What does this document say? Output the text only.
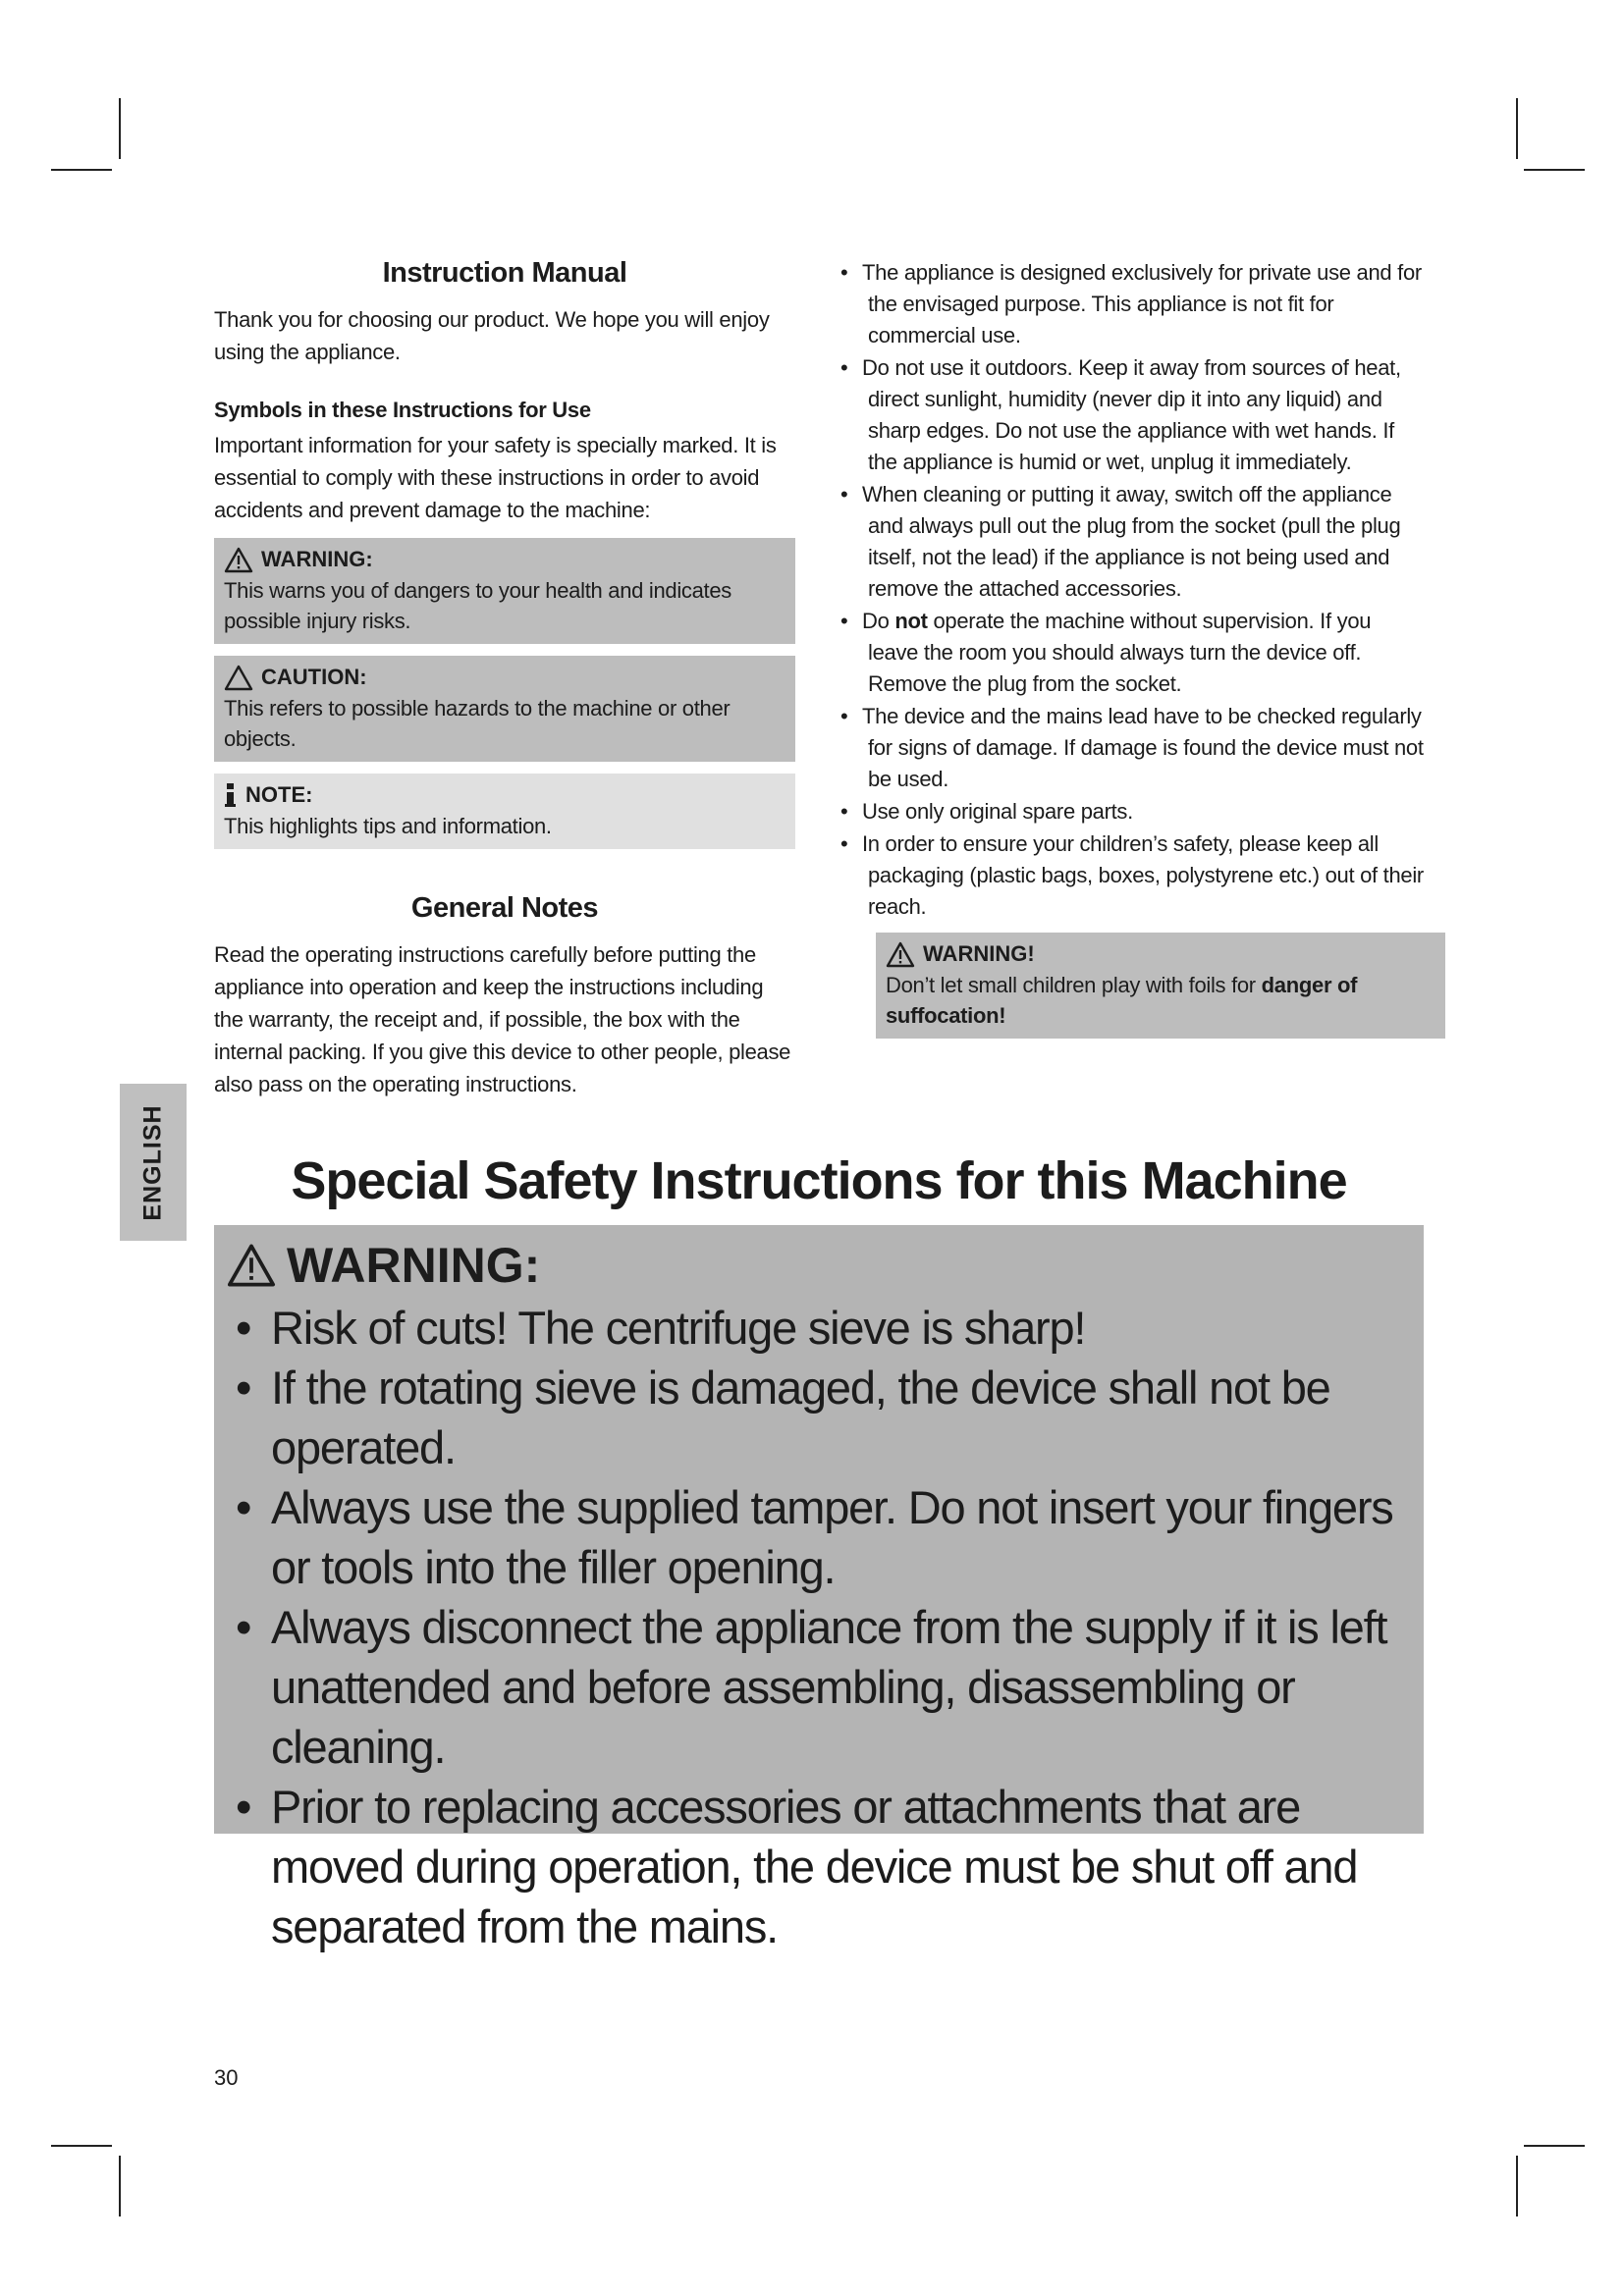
Instruction Manual

Thank you for choosing our product. We hope you will enjoy using the appliance.

Symbols in these Instructions for Use

Important information for your safety is specially marked. It is essential to comply with these instructions in order to avoid accidents and prevent damage to the machine:

WARNING:
This warns you of dangers to your health and indicates possible injury risks.
CAUTION:
This refers to possible hazards to the machine or other objects.
NOTE:
This highlights tips and information.
General Notes

Read the operating instructions carefully before putting the appliance into operation and keep the instructions including the warranty, the receipt and, if possible, the box with the internal packing. If you give this device to other people, please also pass on the operating instructions.

• The appliance is designed exclusively for private use and for the envisaged purpose. This appliance is not fit for commercial use.
• Do not use it outdoors. Keep it away from sources of heat, direct sunlight, humidity (never dip it into any liquid) and sharp edges. Do not use the appliance with wet hands. If the appliance is humid or wet, unplug it immediately.
• When cleaning or putting it away, switch off the appliance and always pull out the plug from the socket (pull the plug itself, not the lead) if the appliance is not being used and remove the attached accessories.
• Do not operate the machine without supervision. If you leave the room you should always turn the device off. Remove the plug from the socket.
• The device and the mains lead have to be checked regularly for signs of damage. If damage is found the device must not be used.
• Use only original spare parts.
• In order to ensure your children’s safety, please keep all packaging (plastic bags, boxes, polystyrene etc.) out of their reach.
WARNING!
Don’t let small children play with foils for danger of suffocation!
ENGLISH	Special Safety Instructions for this Machine
WARNING:
• Risk of cuts! The centrifuge sieve is sharp!
• If the rotating sieve is damaged, the device shall not be operated.
• Always use the supplied tamper. Do not insert your fingers or tools into the filler opening.
• Always disconnect the appliance from the supply if it is left unattended and before assembling, disassembling or cleaning.
• Prior to replacing accessories or attachments that are moved during operation, the device must be shut off and separated from the mains.
30
